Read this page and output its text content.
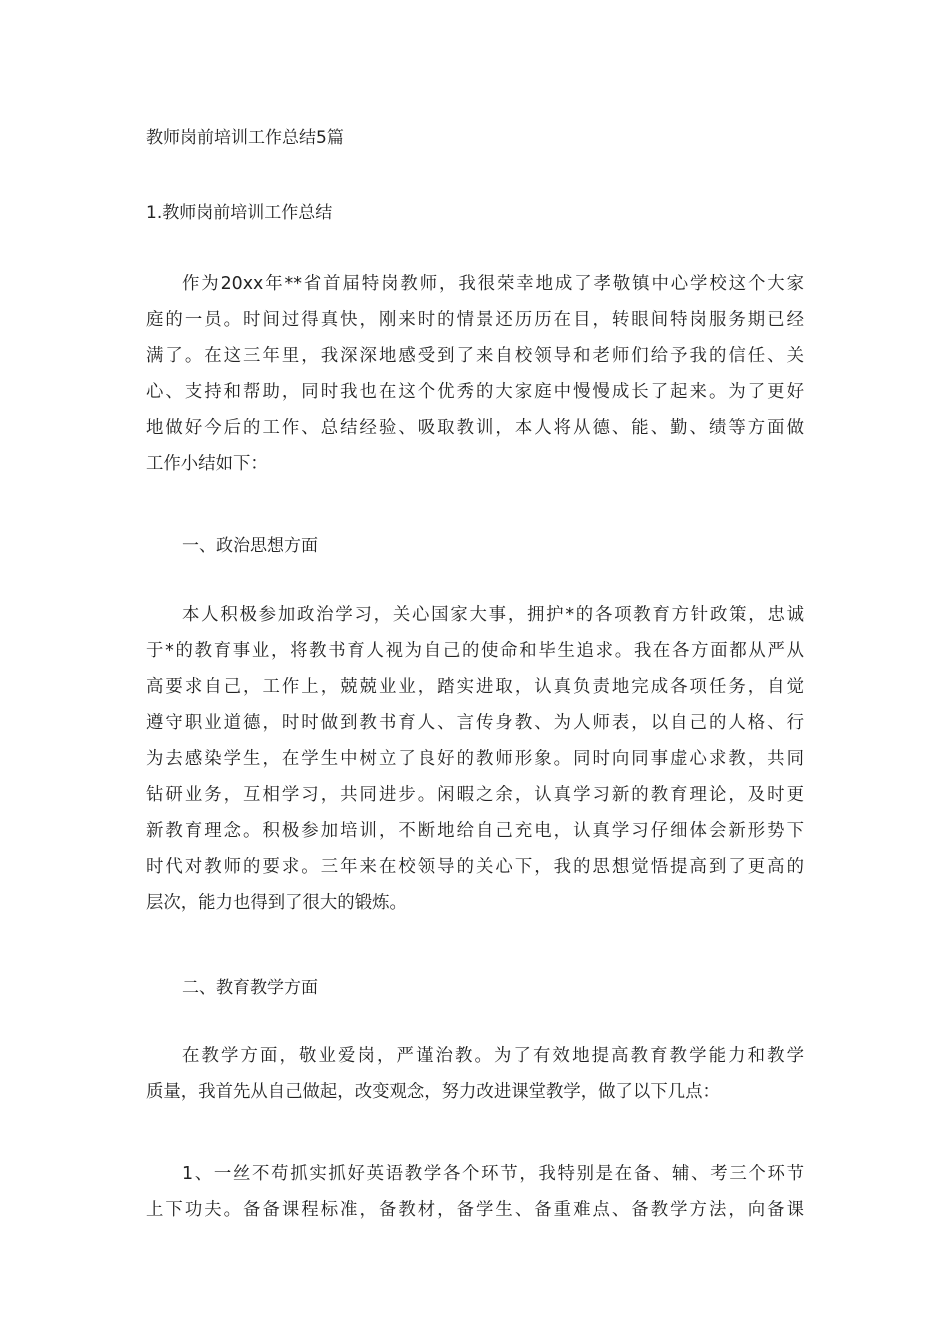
教师岗前培训工作总结5篇
1.教师岗前培训工作总结
作为20xx年**省首届特岗教师，我很荣幸地成了孝敬镇中心学校这个大家
庭的一员。时间过得真快，刚来时的情景还历历在目，转眼间特岗服务期已经
满了。在这三年里，我深深地感受到了来自校领导和老师们给予我的信任、关
心、支持和帮助，同时我也在这个优秀的大家庭中慢慢成长了起来。为了更好
地做好今后的工作、总结经验、吸取教训，本人将从德、能、勤、绩等方面做
工作小结如下：
一、政治思想方面
本人积极参加政治学习，关心国家大事，拥护*的各项教育方针政策，忠诚
于*的教育事业，将教书育人视为自己的使命和毕生追求。我在各方面都从严从
高要求自己，工作上，兢兢业业，踏实进取，认真负责地完成各项任务，自觉
遵守职业道德，时时做到教书育人、言传身教、为人师表，以自己的人格、行
为去感染学生，在学生中树立了良好的教师形象。同时向同事虚心求教，共同
钻研业务，互相学习，共同进步。闲暇之余，认真学习新的教育理论，及时更
新教育理念。积极参加培训，不断地给自己充电，认真学习仔细体会新形势下
时代对教师的要求。三年来在校领导的关心下，我的思想觉悟提高到了更高的
层次，能力也得到了很大的锻炼。
二、教育教学方面
在教学方面，敬业爱岗，严谨治教。为了有效地提高教育教学能力和教学
质量，我首先从自己做起，改变观念，努力改进课堂教学，做了以下几点：
1、一丝不苟抓实抓好英语教学各个环节，我特别是在备、辅、考三个环节
上下功夫。备备课程标准，备教材，备学生、备重难点、备教学方法，向备课
